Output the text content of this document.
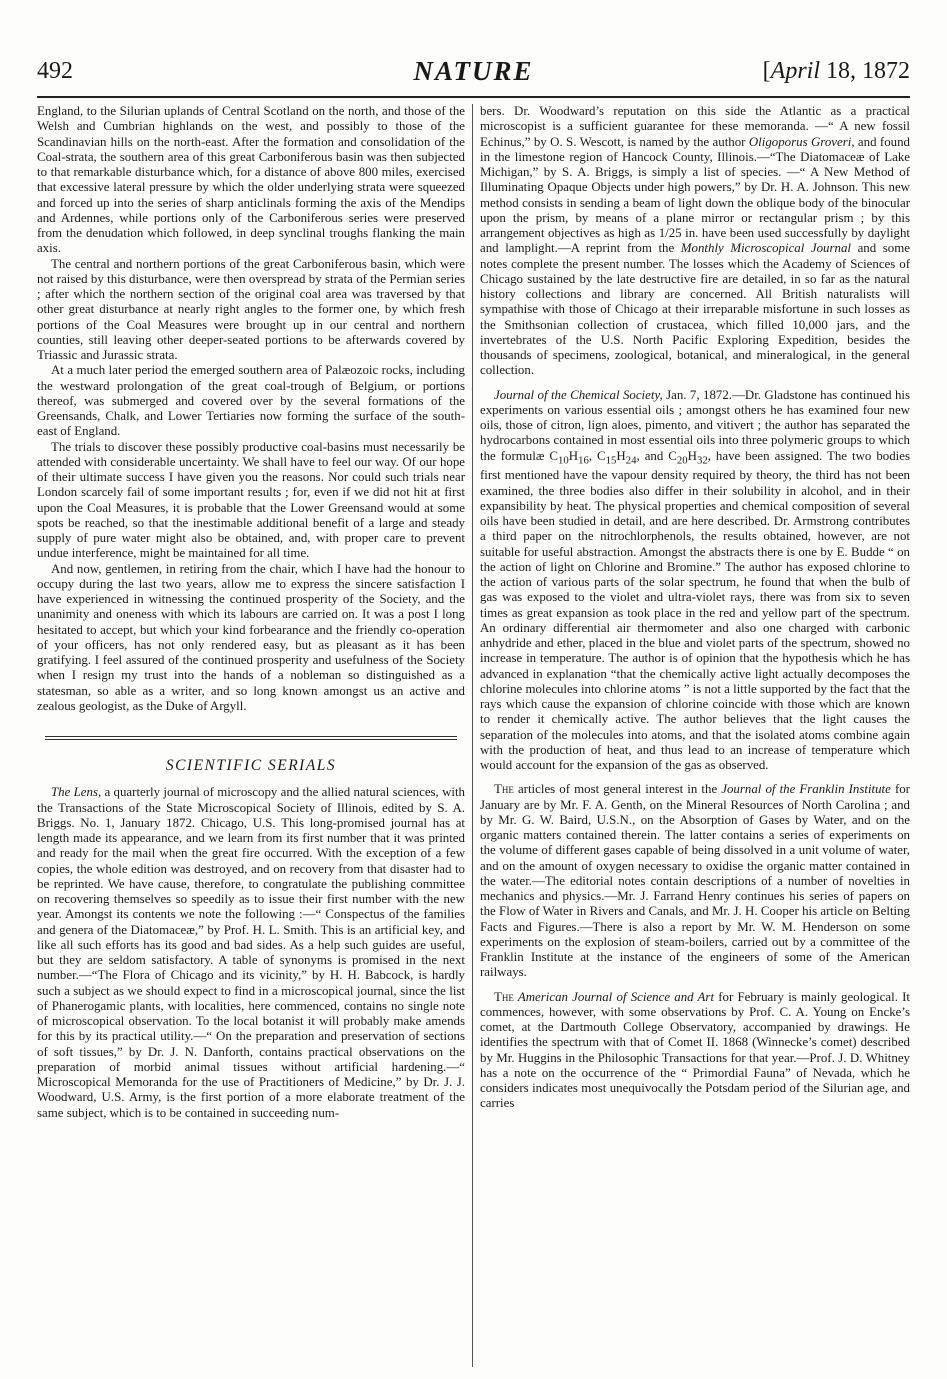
492	NATURE	[April 18, 1872

England, to the Silurian uplands of Central Scotland on the north, and those of the Welsh and Cumbrian highlands on the west, and possibly to those of the Scandinavian hills on the north-east. After the formation and consolidation of the Coal-strata, the southern area of this great Carboniferous basin was then subjected to that remarkable disturbance which, for a distance of above 800 miles, exercised that excessive lateral pressure by which the older underlying strata were squeezed and forced up into the series of sharp anticlinals forming the axis of the Mendips and Ardennes, while portions only of the Carboniferous series were preserved from the denudation which followed, in deep synclinal troughs flanking the main axis.

The central and northern portions of the great Carboniferous basin, which were not raised by this disturbance, were then overspread by strata of the Permian series ; after which the northern section of the original coal area was traversed by that other great disturbance at nearly right angles to the former one, by which fresh portions of the Coal Measures were brought up in our central and northern counties, still leaving other deeper-seated portions to be afterwards covered by Triassic and Jurassic strata.

At a much later period the emerged southern area of Palæozoic rocks, including the westward prolongation of the great coal-trough of Belgium, or portions thereof, was submerged and covered over by the several formations of the Greensands, Chalk, and Lower Tertiaries now forming the surface of the south-east of England.

The trials to discover these possibly productive coal-basins must necessarily be attended with considerable uncertainty. We shall have to feel our way. Of our hope of their ultimate success I have given you the reasons. Nor could such trials near London scarcely fail of some important results ; for, even if we did not hit at first upon the Coal Measures, it is probable that the Lower Greensand would at some spots be reached, so that the inestimable additional benefit of a large and steady supply of pure water might also be obtained, and, with proper care to prevent undue interference, might be maintained for all time.

And now, gentlemen, in retiring from the chair, which I have had the honour to occupy during the last two years, allow me to express the sincere satisfaction I have experienced in witnessing the continued prosperity of the Society, and the unanimity and oneness with which its labours are carried on. It was a post I long hesitated to accept, but which your kind forbearance and the friendly co-operation of your officers, has not only rendered easy, but as pleasant as it has been gratifying. I feel assured of the continued prosperity and usefulness of the Society when I resign my trust into the hands of a nobleman so distinguished as a statesman, so able as a writer, and so long known amongst us an active and zealous geologist, as the Duke of Argyll.

SCIENTIFIC SERIALS

The Lens, a quarterly journal of microscopy and the allied natural sciences, with the Transactions of the State Microscopical Society of Illinois, edited by S. A. Briggs. No. 1, January 1872. Chicago, U.S. This long-promised journal has at length made its appearance, and we learn from its first number that it was printed and ready for the mail when the great fire occurred. With the exception of a few copies, the whole edition was destroyed, and on recovery from that disaster had to be reprinted. We have cause, therefore, to congratulate the publishing committee on recovering themselves so speedily as to issue their first number with the new year. Amongst its contents we note the following :—“ Conspectus of the families and genera of the Diatomaceæ,” by Prof. H. L. Smith. This is an artificial key, and like all such efforts has its good and bad sides. As a help such guides are useful, but they are seldom satisfactory. A table of synonyms is promised in the next number.—“The Flora of Chicago and its vicinity,” by H. H. Babcock, is hardly such a subject as we should expect to find in a microscopical journal, since the list of Phanerogamic plants, with localities, here commenced, contains no single note of microscopical observation. To the local botanist it will probably make amends for this by its practical utility.—“ On the preparation and preservation of sections of soft tissues,” by Dr. J. N. Danforth, contains practical observations on the preparation of morbid animal tissues without artificial hardening.—“ Microscopical Memoranda for the use of Practitioners of Medicine,” by Dr. J. J. Woodward, U.S. Army, is the first portion of a more elaborate treatment of the same subject, which is to be contained in succeeding num-

bers. Dr. Woodward’s reputation on this side the Atlantic as a practical microscopist is a sufficient guarantee for these memoranda. —“ A new fossil Echinus,” by O. S. Wescott, is named by the author Oligoporus Groveri, and found in the limestone region of Hancock County, Illinois.—“The Diatomaceæ of Lake Michigan,” by S. A. Briggs, is simply a list of species. —“ A New Method of Illuminating Opaque Objects under high powers,” by Dr. H. A. Johnson. This new method consists in sending a beam of light down the oblique body of the binocular upon the prism, by means of a plane mirror or rectangular prism ; by this arrangement objectives as high as 1/25 in. have been used successfully by daylight and lamplight.—A reprint from the Monthly Microscopical Journal and some notes complete the present number. The losses which the Academy of Sciences of Chicago sustained by the late destructive fire are detailed, in so far as the natural history collections and library are concerned. All British naturalists will sympathise with those of Chicago at their irreparable misfortune in such losses as the Smithsonian collection of crustacea, which filled 10,000 jars, and the invertebrates of the U.S. North Pacific Exploring Expedition, besides the thousands of specimens, zoological, botanical, and mineralogical, in the general collection.

Journal of the Chemical Society, Jan. 7, 1872.—Dr. Gladstone has continued his experiments on various essential oils ; amongst others he has examined four new oils, those of citron, lign aloes, pimento, and vitivert ; the author has separated the hydrocarbons contained in most essential oils into three polymeric groups to which the formulæ $C_{10}H_{16}$, $C_{15}H_{24}$, and $C_{20}H_{32}$, have been assigned. The two bodies first mentioned have the vapour density required by theory, the third has not been examined, the three bodies also differ in their solubility in alcohol, and in their expansibility by heat. The physical properties and chemical composition of several oils have been studied in detail, and are here described. Dr. Armstrong contributes a third paper on the nitrochlorphenols, the results obtained, however, are not suitable for useful abstraction. Amongst the abstracts there is one by E. Budde “ on the action of light on Chlorine and Bromine.” The author has exposed chlorine to the action of various parts of the solar spectrum, he found that when the bulb of gas was exposed to the violet and ultra-violet rays, there was from six to seven times as great expansion as took place in the red and yellow part of the spectrum. An ordinary differential air thermometer and also one charged with carbonic anhydride and ether, placed in the blue and violet parts of the spectrum, showed no increase in temperature. The author is of opinion that the hypothesis which he has advanced in explanation “that the chemically active light actually decomposes the chlorine molecules into chlorine atoms ” is not a little supported by the fact that the rays which cause the expansion of chlorine coincide with those which are known to render it chemically active. The author believes that the light causes the separation of the molecules into atoms, and that the isolated atoms combine again with the production of heat, and thus lead to an increase of temperature which would account for the expansion of the gas as observed.

The articles of most general interest in the Journal of the Franklin Institute for January are by Mr. F. A. Genth, on the Mineral Resources of North Carolina ; and by Mr. G. W. Baird, U.S.N., on the Absorption of Gases by Water, and on the organic matters contained therein. The latter contains a series of experiments on the volume of different gases capable of being dissolved in a unit volume of water, and on the amount of oxygen necessary to oxidise the organic matter contained in the water.—The editorial notes contain descriptions of a number of novelties in mechanics and physics.—Mr. J. Farrand Henry continues his series of papers on the Flow of Water in Rivers and Canals, and Mr. J. H. Cooper his article on Belting Facts and Figures.—There is also a report by Mr. W. M. Henderson on some experiments on the explosion of steam-boilers, carried out by a committee of the Franklin Institute at the instance of the engineers of some of the American railways.

The American Journal of Science and Art for February is mainly geological. It commences, however, with some observations by Prof. C. A. Young on Encke’s comet, at the Dartmouth College Observatory, accompanied by drawings. He identifies the spectrum with that of Comet II. 1868 (Winnecke’s comet) described by Mr. Huggins in the Philosophic Transactions for that year.—Prof. J. D. Whitney has a note on the occurrence of the “ Primordial Fauna” of Nevada, which he considers indicates most unequivocally the Potsdam period of the Silurian age, and carries
